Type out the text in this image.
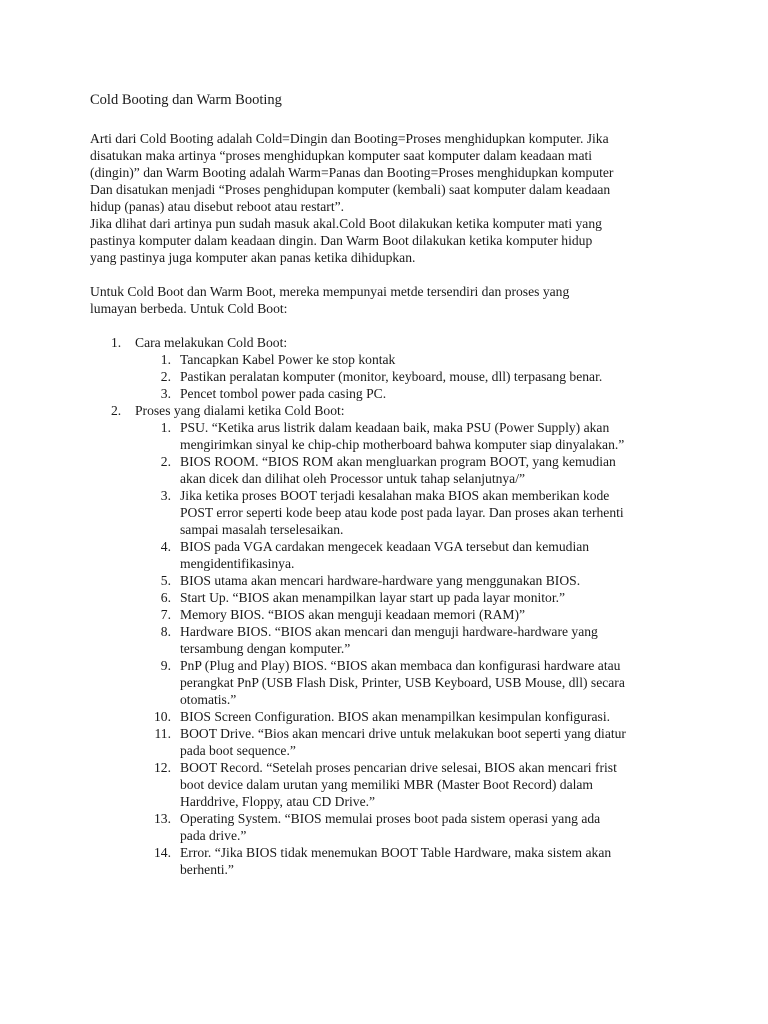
Cold Booting dan Warm Booting
Arti dari Cold Booting adalah Cold=Dingin dan Booting=Proses menghidupkan komputer. Jika
disatukan maka artinya “proses menghidupkan komputer saat komputer dalam keadaan mati
(dingin)” dan Warm Booting adalah Warm=Panas dan Booting=Proses menghidupkan komputer
Dan disatukan menjadi “Proses penghidupan komputer (kembali) saat komputer dalam keadaan
hidup (panas) atau disebut reboot atau restart”.
Jika dlihat dari artinya pun sudah masuk akal.Cold Boot dilakukan ketika komputer mati yang
pastinya komputer dalam keadaan dingin. Dan Warm Boot dilakukan ketika komputer hidup
yang pastinya juga komputer akan panas ketika dihidupkan.
Untuk Cold Boot dan Warm Boot, mereka mempunyai metde tersendiri dan proses yang
lumayan berbeda. Untuk Cold Boot:
1. Cara melakukan Cold Boot:
1. Tancapkan Kabel Power ke stop kontak
2. Pastikan peralatan komputer (monitor, keyboard, mouse, dll) terpasang benar.
3. Pencet tombol power pada casing PC.
2. Proses yang dialami ketika Cold Boot:
1. PSU. “Ketika arus listrik dalam keadaan baik, maka PSU (Power Supply) akan
mengirimkan sinyal ke chip-chip motherboard bahwa komputer siap dinyalakan.”
2. BIOS ROOM. “BIOS ROM akan mengluarkan program BOOT, yang kemudian
akan dicek dan dilihat oleh Processor untuk tahap selanjutnya/”
3. Jika ketika proses BOOT terjadi kesalahan maka BIOS akan memberikan kode
POST error seperti kode beep atau kode post pada layar. Dan proses akan terhenti
sampai masalah terselesaikan.
4. BIOS pada VGA cardakan mengecek keadaan VGA tersebut dan kemudian
mengidentifikasinya.
5. BIOS utama akan mencari hardware-hardware yang menggunakan BIOS.
6. Start Up. “BIOS akan menampilkan layar start up pada layar monitor.”
7. Memory BIOS. “BIOS akan menguji keadaan memori (RAM)”
8. Hardware BIOS. “BIOS akan mencari dan menguji hardware-hardware yang
tersambung dengan komputer.”
9. PnP (Plug and Play) BIOS. “BIOS akan membaca dan konfigurasi hardware atau
perangkat PnP (USB Flash Disk, Printer, USB Keyboard, USB Mouse, dll) secara
otomatis.”
10. BIOS Screen Configuration. BIOS akan menampilkan kesimpulan konfigurasi.
11. BOOT Drive. “Bios akan mencari drive untuk melakukan boot seperti yang diatur
pada boot sequence.”
12. BOOT Record. “Setelah proses pencarian drive selesai, BIOS akan mencari frist
boot device dalam urutan yang memiliki MBR (Master Boot Record) dalam
Harddrive, Floppy, atau CD Drive.”
13. Operating System. “BIOS memulai proses boot pada sistem operasi yang ada
pada drive.”
14. Error. “Jika BIOS tidak menemukan BOOT Table Hardware, maka sistem akan
berhenti.”
